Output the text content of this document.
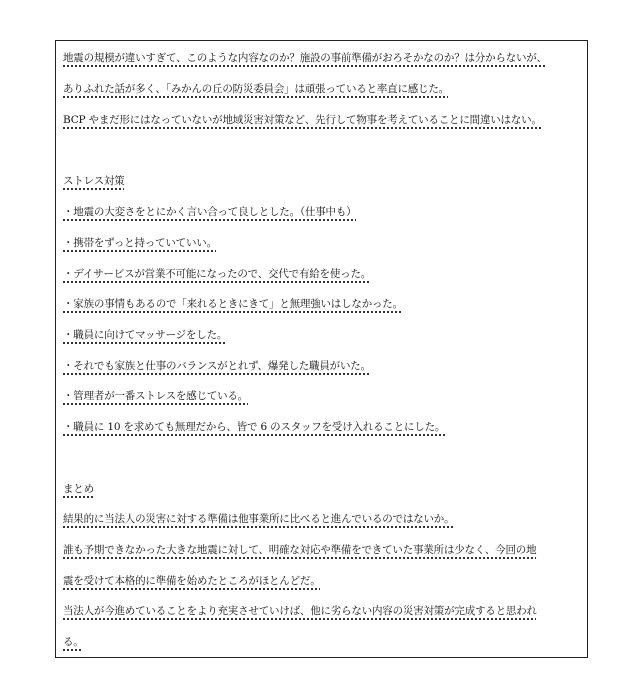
地震の規模が違いすぎて、このような内容なのか？施設の事前準備がおろそかなのか？は分からないが、
ありふれた話が多く、「みかんの丘の防災委員会」は頑張っていると率直に感じた。
BCP やまだ形にはなっていないが地域災害対策など、先行して物事を考えていることに間違いはない。
ストレス対策
・地震の大変さをとにかく言い合って良しとした。（仕事中も）
・携帯をずっと持っていていい。
・デイサービスが営業不可能になったので、交代で有給を使った。
・家族の事情もあるので「来れるときにきて」と無理強いはしなかった。
・職員に向けてマッサージをした。
・それでも家族と仕事のバランスがとれず、爆発した職員がいた。
・管理者が一番ストレスを感じている。
・職員に 10 を求めても無理だから、皆で 6 のスタッフを受け入れることにした。
まとめ
結果的に当法人の災害に対する準備は他事業所に比べると進んでいるのではないか。
誰も予期できなかった大きな地震に対して、明確な対応や準備をできていた事業所は少なく、今回の地
震を受けて本格的に準備を始めたところがほとんどだ。
当法人が今進めていることをより充実させていけば、他に劣らない内容の災害対策が完成すると思われ
る。
